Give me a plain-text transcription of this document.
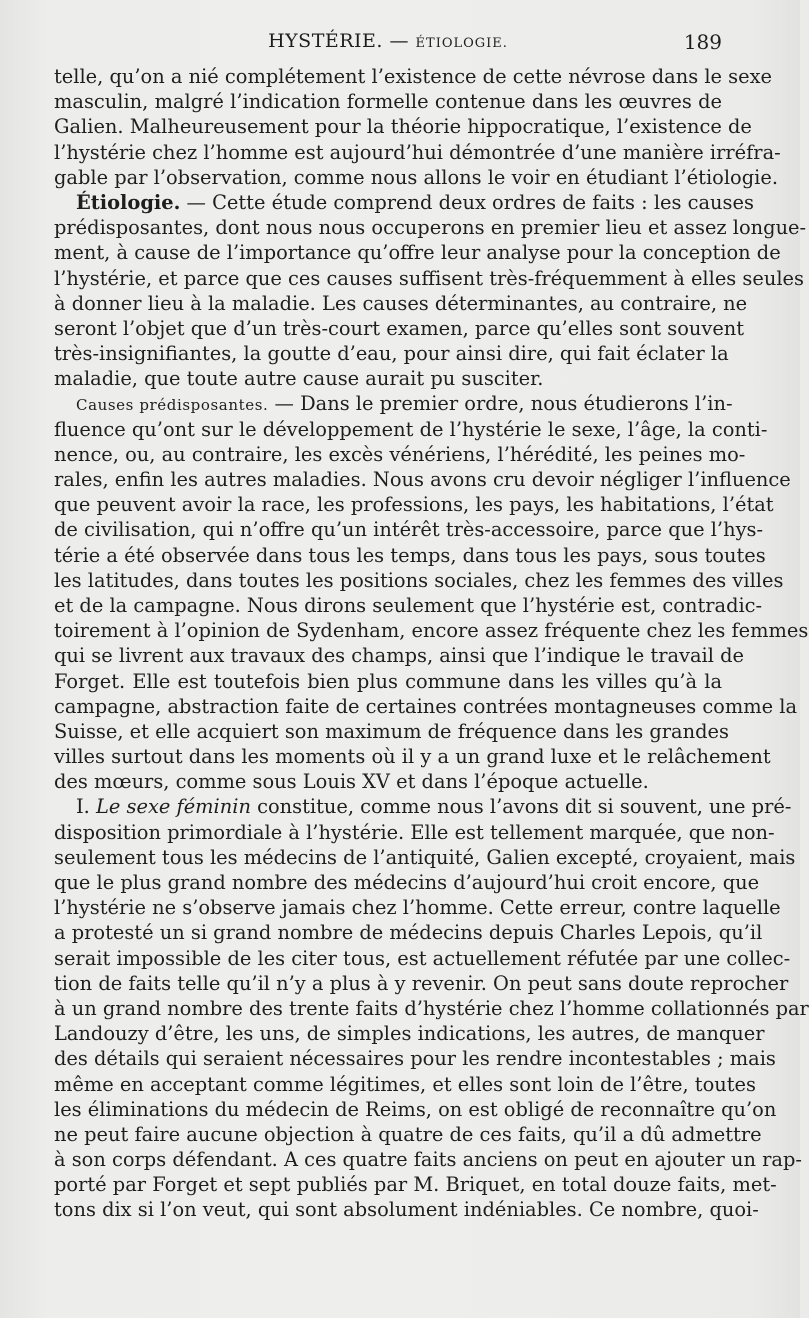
HYSTÉRIE. — ÉTIOLOGIE.	189
telle, qu’on a nié complétement l’existence de cette névrose dans le sexe
masculin, malgré l’indication formelle contenue dans les œuvres de
Galien. Malheureusement pour la théorie hippocratique, l’existence de
l’hystérie chez l’homme est aujourd’hui démontrée d’une manière irréfra-
gable par l’observation, comme nous allons le voir en étudiant l’étiologie.
Étiologie. — Cette étude comprend deux ordres de faits : les causes
prédisposantes, dont nous nous occuperons en premier lieu et assez longue-
ment, à cause de l’importance qu’offre leur analyse pour la conception de
l’hystérie, et parce que ces causes suffisent très-fréquemment à elles seules
à donner lieu à la maladie. Les causes déterminantes, au contraire, ne
seront l’objet que d’un très-court examen, parce qu’elles sont souvent
très-insignifiantes, la goutte d’eau, pour ainsi dire, qui fait éclater la
maladie, que toute autre cause aurait pu susciter.
Causes prédisposantes. — Dans le premier ordre, nous étudierons l’in-
fluence qu’ont sur le développement de l’hystérie le sexe, l’âge, la conti-
nence, ou, au contraire, les excès vénériens, l’hérédité, les peines mo-
rales, enfin les autres maladies. Nous avons cru devoir négliger l’influence
que peuvent avoir la race, les professions, les pays, les habitations, l’état
de civilisation, qui n’offre qu’un intérêt très-accessoire, parce que l’hys-
térie a été observée dans tous les temps, dans tous les pays, sous toutes
les latitudes, dans toutes les positions sociales, chez les femmes des villes
et de la campagne. Nous dirons seulement que l’hystérie est, contradic-
toirement à l’opinion de Sydenham, encore assez fréquente chez les femmes
qui se livrent aux travaux des champs, ainsi que l’indique le travail de
Forget. Elle est toutefois bien plus commune dans les villes qu’à la
campagne, abstraction faite de certaines contrées montagneuses comme la
Suisse, et elle acquiert son maximum de fréquence dans les grandes
villes surtout dans les moments où il y a un grand luxe et le relâchement
des mœurs, comme sous Louis XV et dans l’époque actuelle.
I. Le sexe féminin constitue, comme nous l’avons dit si souvent, une pré-
disposition primordiale à l’hystérie. Elle est tellement marquée, que non-
seulement tous les médecins de l’antiquité, Galien excepté, croyaient, mais
que le plus grand nombre des médecins d’aujourd’hui croit encore, que
l’hystérie ne s’observe jamais chez l’homme. Cette erreur, contre laquelle
a protesté un si grand nombre de médecins depuis Charles Lepois, qu’il
serait impossible de les citer tous, est actuellement réfutée par une collec-
tion de faits telle qu’il n’y a plus à y revenir. On peut sans doute reprocher
à un grand nombre des trente faits d’hystérie chez l’homme collationnés par
Landouzy d’être, les uns, de simples indications, les autres, de manquer
des détails qui seraient nécessaires pour les rendre incontestables ; mais
même en acceptant comme légitimes, et elles sont loin de l’être, toutes
les éliminations du médecin de Reims, on est obligé de reconnaître qu’on
ne peut faire aucune objection à quatre de ces faits, qu’il a dû admettre
à son corps défendant. A ces quatre faits anciens on peut en ajouter un rap-
porté par Forget et sept publiés par M. Briquet, en total douze faits, met-
tons dix si l’on veut, qui sont absolument indéniables. Ce nombre, quoi-
